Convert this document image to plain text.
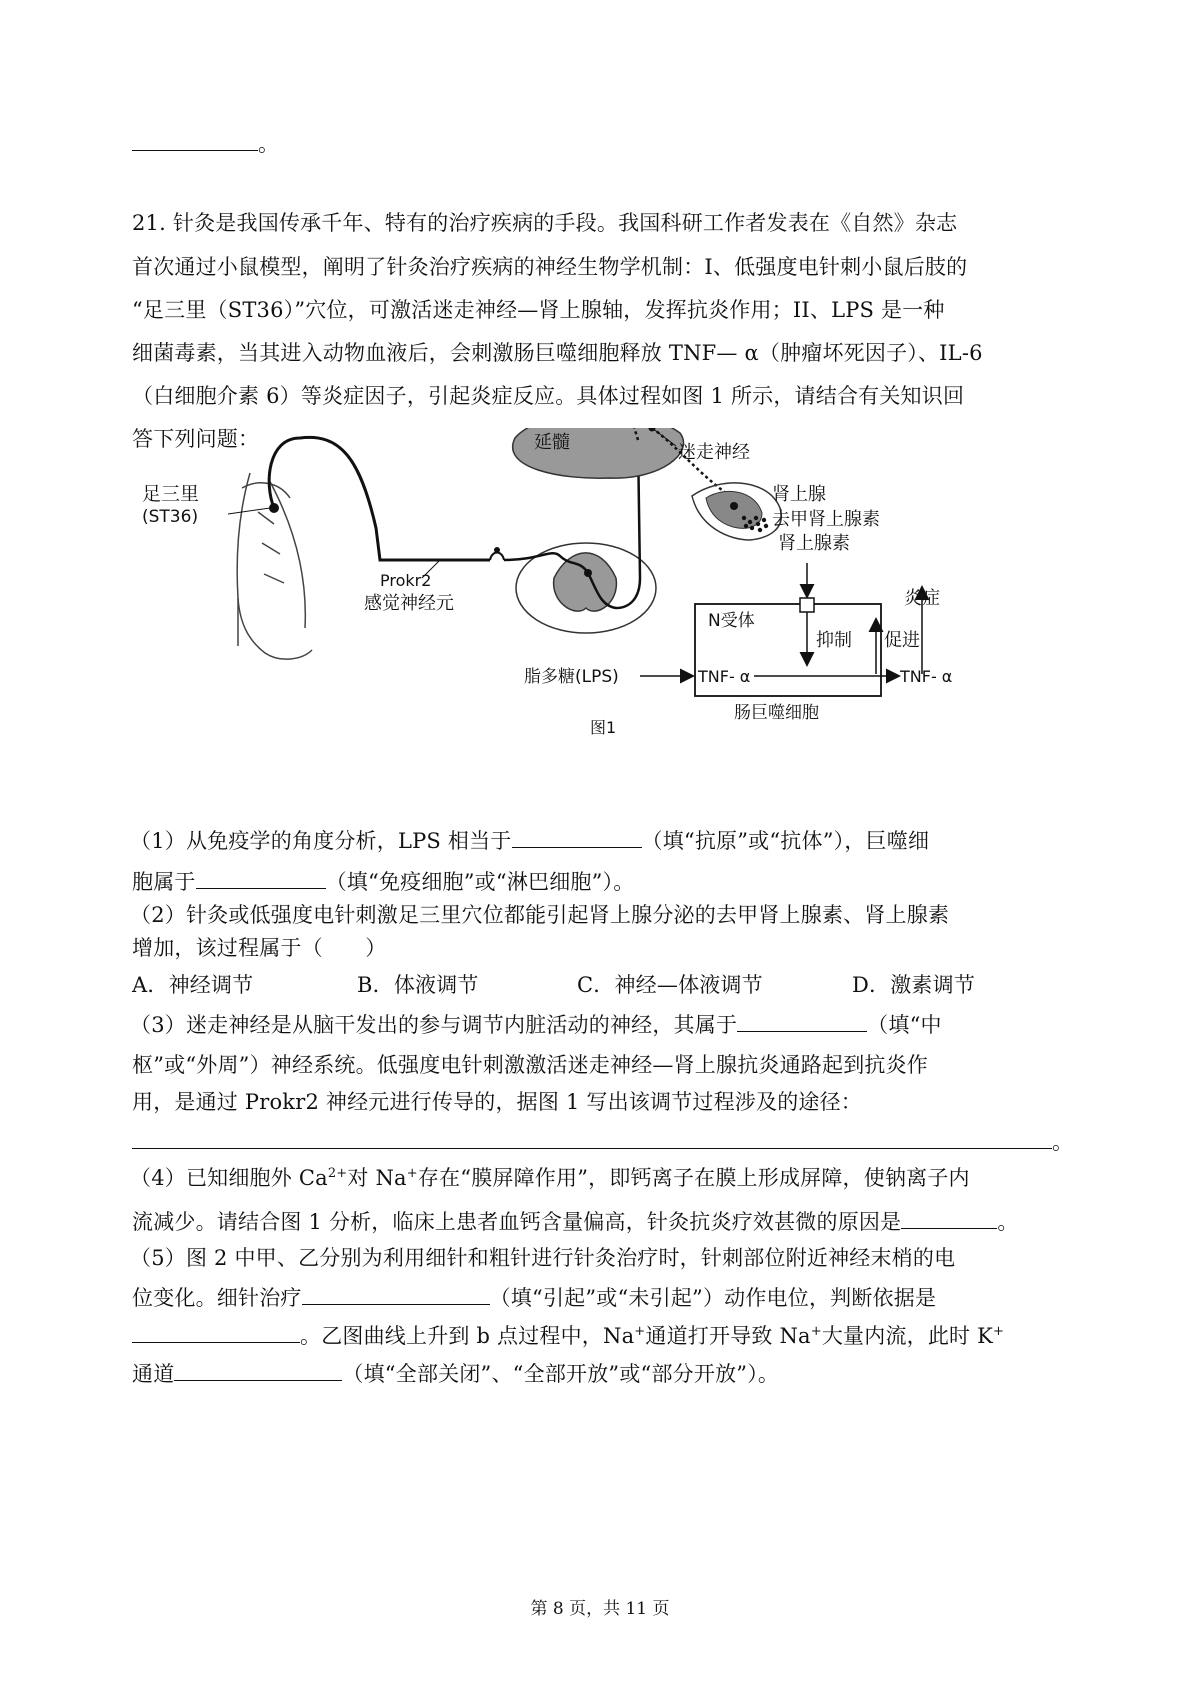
。
21. 针灸是我国传承千年、特有的治疗疾病的手段。我国科研工作者发表在《自然》杂志
首次通过小鼠模型，阐明了针灸治疗疾病的神经生物学机制：I、低强度电针刺小鼠后肢的
“足三里（ST36）”穴位，可激活迷走神经—肾上腺轴，发挥抗炎作用；II、LPS 是一种
细菌毒素，当其进入动物血液后，会刺激肠巨噬细胞释放 TNF— α（肿瘤坏死因子）、IL-6
（白细胞介素 6）等炎症因子，引起炎症反应。具体过程如图 1 所示，请结合有关知识回
答下列问题：
足三里
(ST36)
Prokr2
感觉神经元
延髓	迷走神经
肾上腺
去甲肾上腺素
肾上腺素
炎症
N受体
抑制 促进
脂多糖(LPS)	TNF- α	TNF- α
肠巨噬细胞
图1
（1）从免疫学的角度分析，LPS 相当于	（填“抗原”或“抗体”），巨噬细
胞属于	（填“免疫细胞”或“淋巴细胞”）。
（2）针灸或低强度电针刺激足三里穴位都能引起肾上腺分泌的去甲肾上腺素、肾上腺素
增加，该过程属于（　　）
A．神经调节	B．体液调节	C．神经—体液调节	D．激素调节
（3）迷走神经是从脑干发出的参与调节内脏活动的神经，其属于	（填“中
枢”或“外周”）神经系统。低强度电针刺激激活迷走神经—肾上腺抗炎通路起到抗炎作
用，是通过 Prokr2 神经元进行传导的，据图 1 写出该调节过程涉及的途径：
。
（4）已知细胞外 $Ca^{2+}$对 Na+存在“膜屏障作用”，即钙离子在膜上形成屏障，使钠离子内
流减少。请结合图 1 分析，临床上患者血钙含量偏高，针灸抗炎疗效甚微的原因是	。
（5）图 2 中甲、乙分别为利用细针和粗针进行针灸治疗时，针刺部位附近神经末梢的电
位变化。细针治疗	（填“引起”或“未引起”）动作电位，判断依据是
。乙图曲线上升到 b 点过程中，Na+通道打开导致 Na+大量内流，此时 K+
通道	（填“全部关闭”、“全部开放”或“部分开放”）。
第 8 页，共 11 页
